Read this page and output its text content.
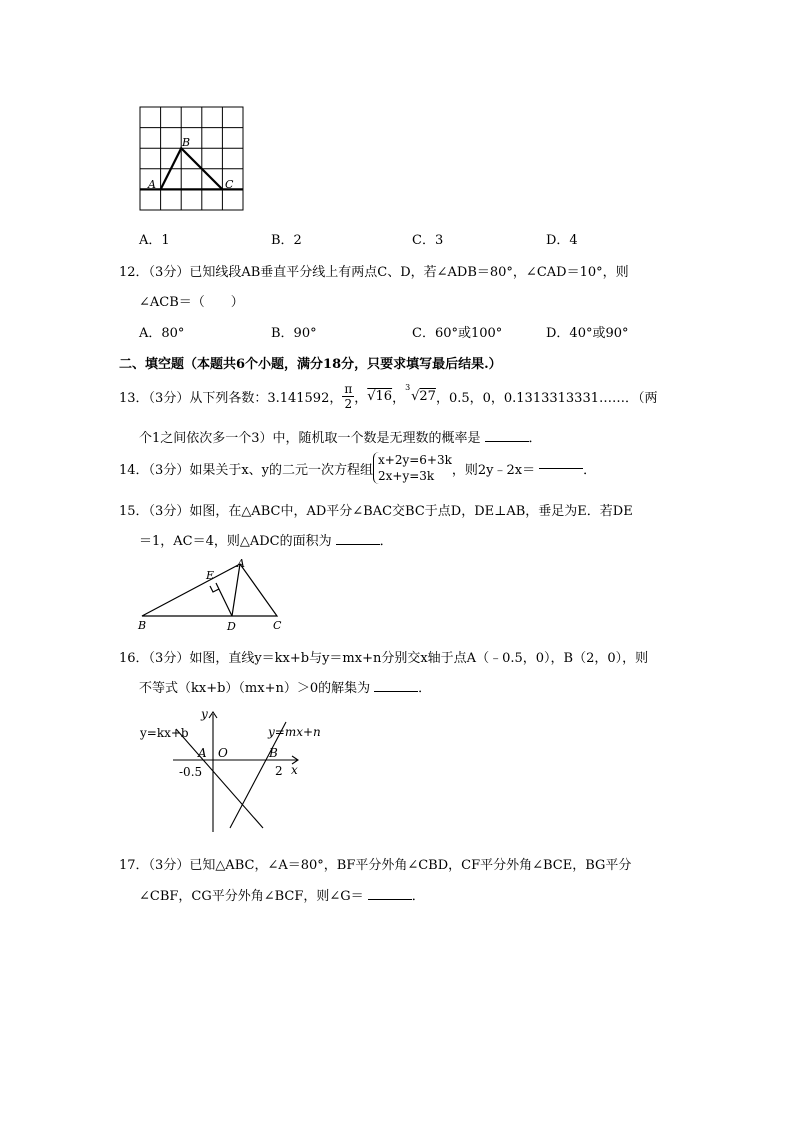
B
A	C
A．1	B．2	C．3	D．4
12．（3分）已知线段AB垂直平分线上有两点C、D，若∠ADB＝80°，∠CAD＝10°，则
∠ACB＝（　　）
A．80°	B．90°	C．60°或100°	D．40°或90°
二、填空题（本题共6个小题，满分18分，只要求填写最后结果.）
13．（3分）从下列各数：3.141592， $\frac{\pi}{2}$ ， √16 ，
3
√27 ，0.5，0，0.1313313331……．（两
个1之间依次多一个3）中，随机取一个数是无理数的概率是	．
14．（3分）如果关于x、y的二元一次方程组
x+2y=6+3k
2x+y=3k	，则2y﹣2x＝	．
15．（3分）如图，在△ABC中，AD平分∠BAC交BC于点D，DE⊥AB，垂足为E．若DE
＝1，AC＝4，则△ADC的面积为	．
A
E
B	D	C
16．（3分）如图，直线y＝kx+b与y＝mx+n分别交x轴于点A（﹣0.5，0），B（2，0），则
不等式（kx+b）（mx+n）＞0的解集为	．
y
x
y=kx+b	y=mx+n
A O	B
-0.5	2
17．（3分）已知△ABC，∠A＝80°，BF平分外角∠CBD，CF平分外角∠BCE，BG平分
∠CBF，CG平分外角∠BCF，则∠G＝	．
